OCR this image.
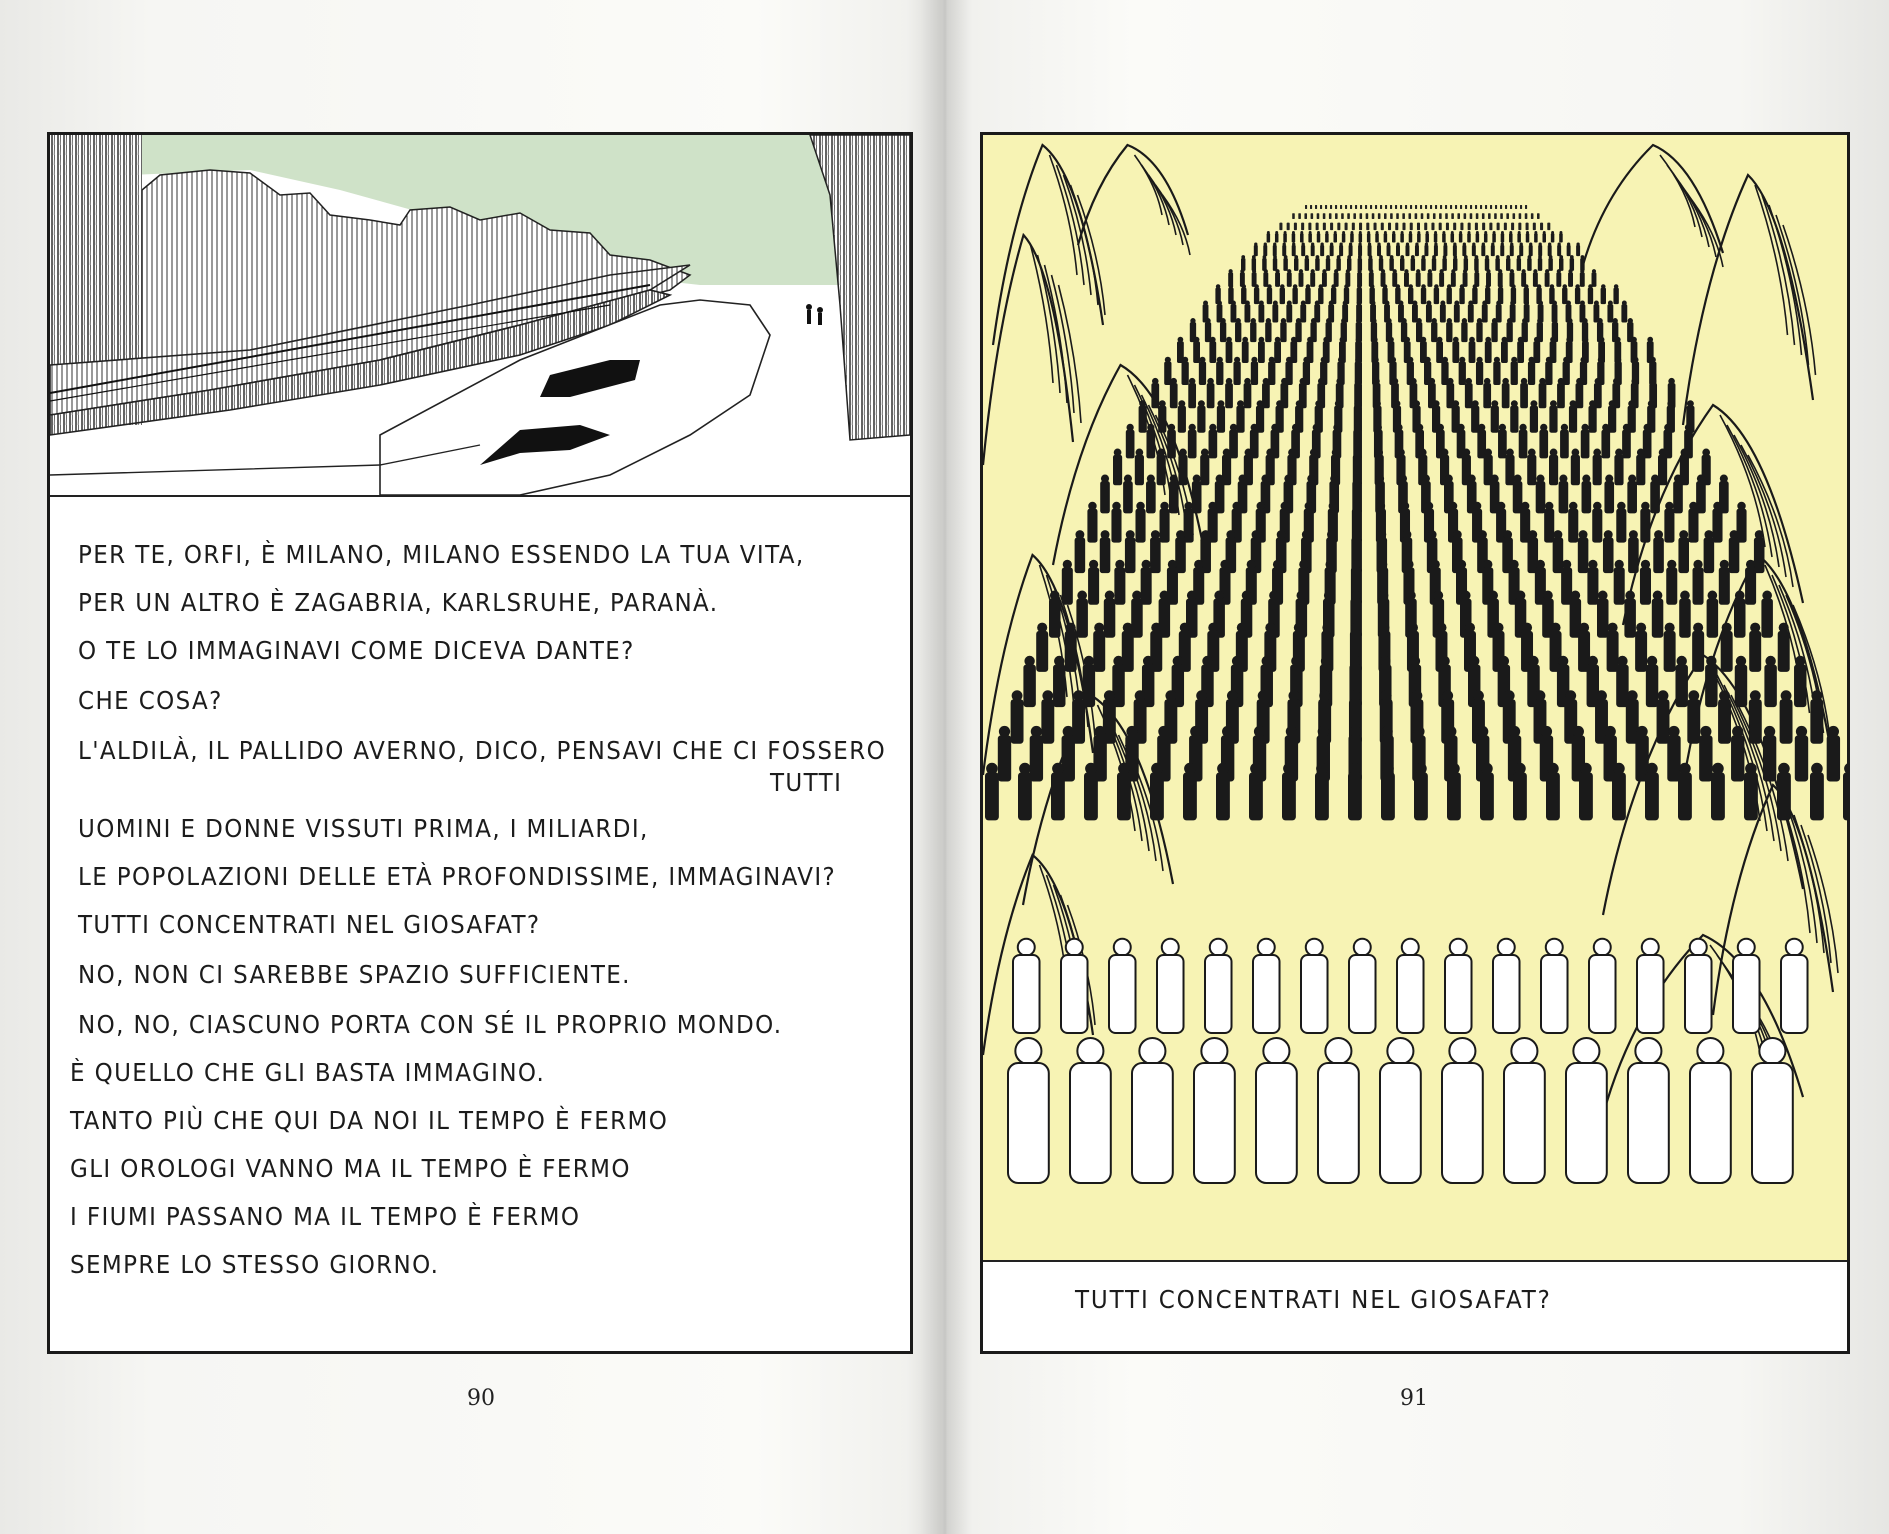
PER TE, ORFI, È MILANO, MILANO ESSENDO LA TUA VITA,
PER UN ALTRO È ZAGABRIA, KARLSRUHE, PARANÀ.
O TE LO IMMAGINAVI COME DICEVA DANTE?
CHE COSA?
L'ALDILÀ, IL PALLIDO AVERNO, DICO, PENSAVI CHE CI FOSSERO
TUTTI
UOMINI E DONNE VISSUTI PRIMA, I MILIARDI,
LE POPOLAZIONI DELLE ETÀ PROFONDISSIME, IMMAGINAVI?
TUTTI CONCENTRATI NEL GIOSAFAT?
NO, NON CI SAREBBE SPAZIO SUFFICIENTE.
NO, NO, CIASCUNO PORTA CON SÉ IL PROPRIO MONDO.
È QUELLO CHE GLI BASTA IMMAGINO.
TANTO PIÙ CHE QUI DA NOI IL TEMPO È FERMO
GLI OROLOGI VANNO MA IL TEMPO È FERMO
I FIUMI PASSANO MA IL TEMPO È FERMO
SEMPRE LO STESSO GIORNO.
90
TUTTI CONCENTRATI NEL GIOSAFAT?
91
